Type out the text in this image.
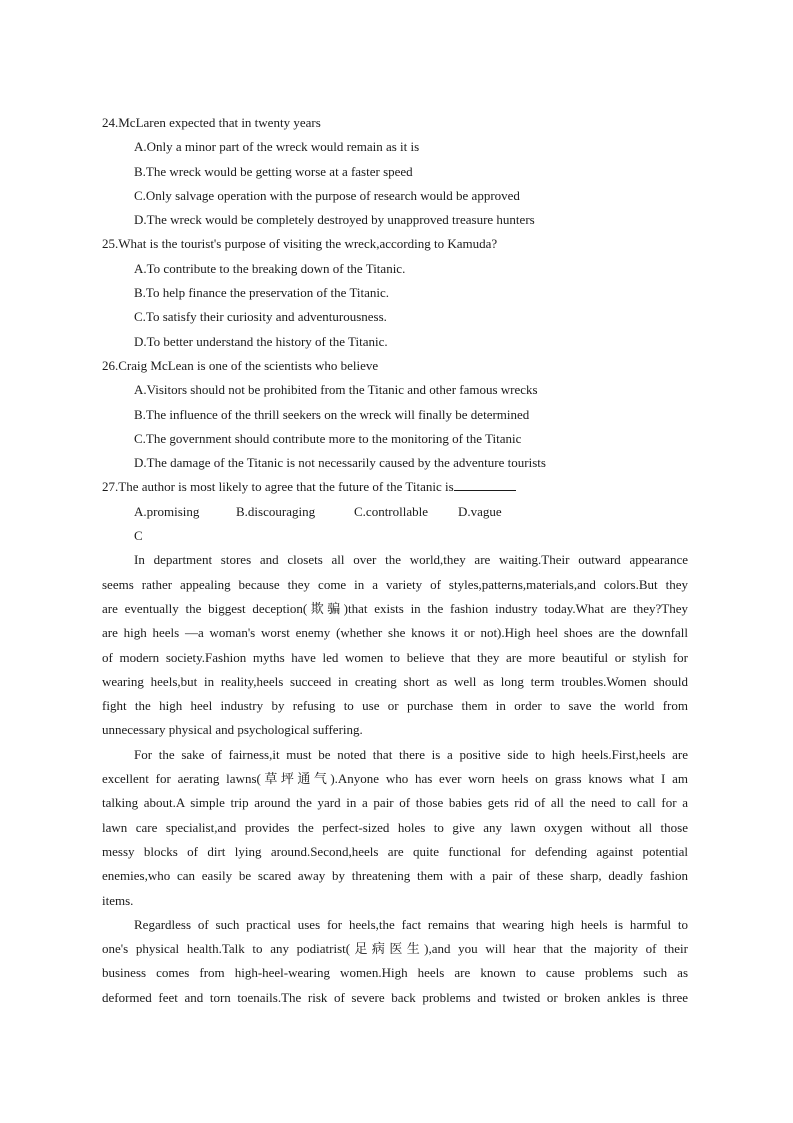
24.McLaren expected that in twenty years
A.Only a minor part of the wreck would remain as it is
B.The wreck would be getting worse at a faster speed
C.Only salvage operation with the purpose of research would be approved
D.The wreck would be completely destroyed by unapproved treasure hunters
25.What is the tourist's purpose of visiting the wreck,according to Kamuda?
A.To contribute to the breaking down of the Titanic.
B.To help finance the preservation of the Titanic.
C.To satisfy their curiosity and adventurousness.
D.To better understand the history of the Titanic.
26.Craig McLean is one of the scientists who believe
A.Visitors should not be prohibited from the Titanic and other famous wrecks
B.The influence of the thrill seekers on the wreck will finally be determined
C.The government should contribute more to the monitoring of the Titanic
D.The damage of the Titanic is not necessarily caused by the adventure tourists
27.The author is most likely to agree that the future of the Titanic is
A.promising	B.discouraging	C.controllable D.vague
C
In department stores and closets all over the world,they are waiting.Their outward appearance
seems rather appealing because they come in a variety of styles,patterns,materials,and colors.But they
are eventually the biggest deception(欺骗)that exists in the fashion industry today.What are they?They
are high heels —a woman's worst enemy (whether she knows it or not).High heel shoes are the downfall
of modern society.Fashion myths have led women to believe that they are more beautiful or stylish for
wearing heels,but in reality,heels succeed in creating short as well as long term troubles.Women should
fight the high heel industry by refusing to use or purchase them in order to save the world from
unnecessary physical and psychological suffering.
For the sake of fairness,it must be noted that there is a positive side to high heels.First,heels are
excellent for aerating lawns(草坪通气).Anyone who has ever worn heels on grass knows what I am
talking about.A simple trip around the yard in a pair of those babies gets rid of all the need to call for a
lawn care specialist,and provides the perfect-sized holes to give any lawn oxygen without all those
messy blocks of dirt lying around.Second,heels are quite functional for defending against potential
enemies,who can easily be scared away by threatening them with a pair of these sharp, deadly fashion
items.
Regardless of such practical uses for heels,the fact remains that wearing high heels is harmful to
one's physical health.Talk to any podiatrist(足病医生),and you will hear that the majority of their
business comes from high-heel-wearing women.High heels are known to cause problems such as
deformed feet and torn toenails.The risk of severe back problems and twisted or broken ankles is three
